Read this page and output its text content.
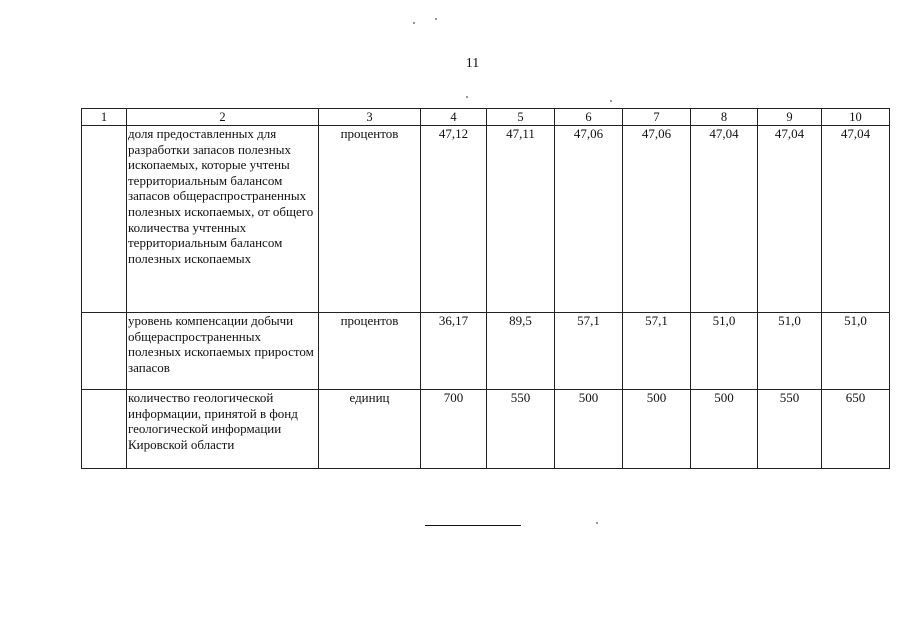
11
1	2	3	4	5	6	7	8	9	10
	доля предоставленных для разработки запасов полезных ископаемых, которые учтены территориальным балансом запасов общераспространенных полезных ископаемых, от общего количества учтенных территориальным балансом полезных ископаемых	процентов	47,12	47,11	47,06	47,06	47,04	47,04	47,04
	уровень компенсации добычи общераспространенных полезных ископаемых приростом запасов	процентов	36,17	89,5	57,1	57,1	51,0	51,0	51,0
	количество геологической информации, принятой в фонд геологической информации Кировской области	единиц	700	550	500	500	500	550	650
